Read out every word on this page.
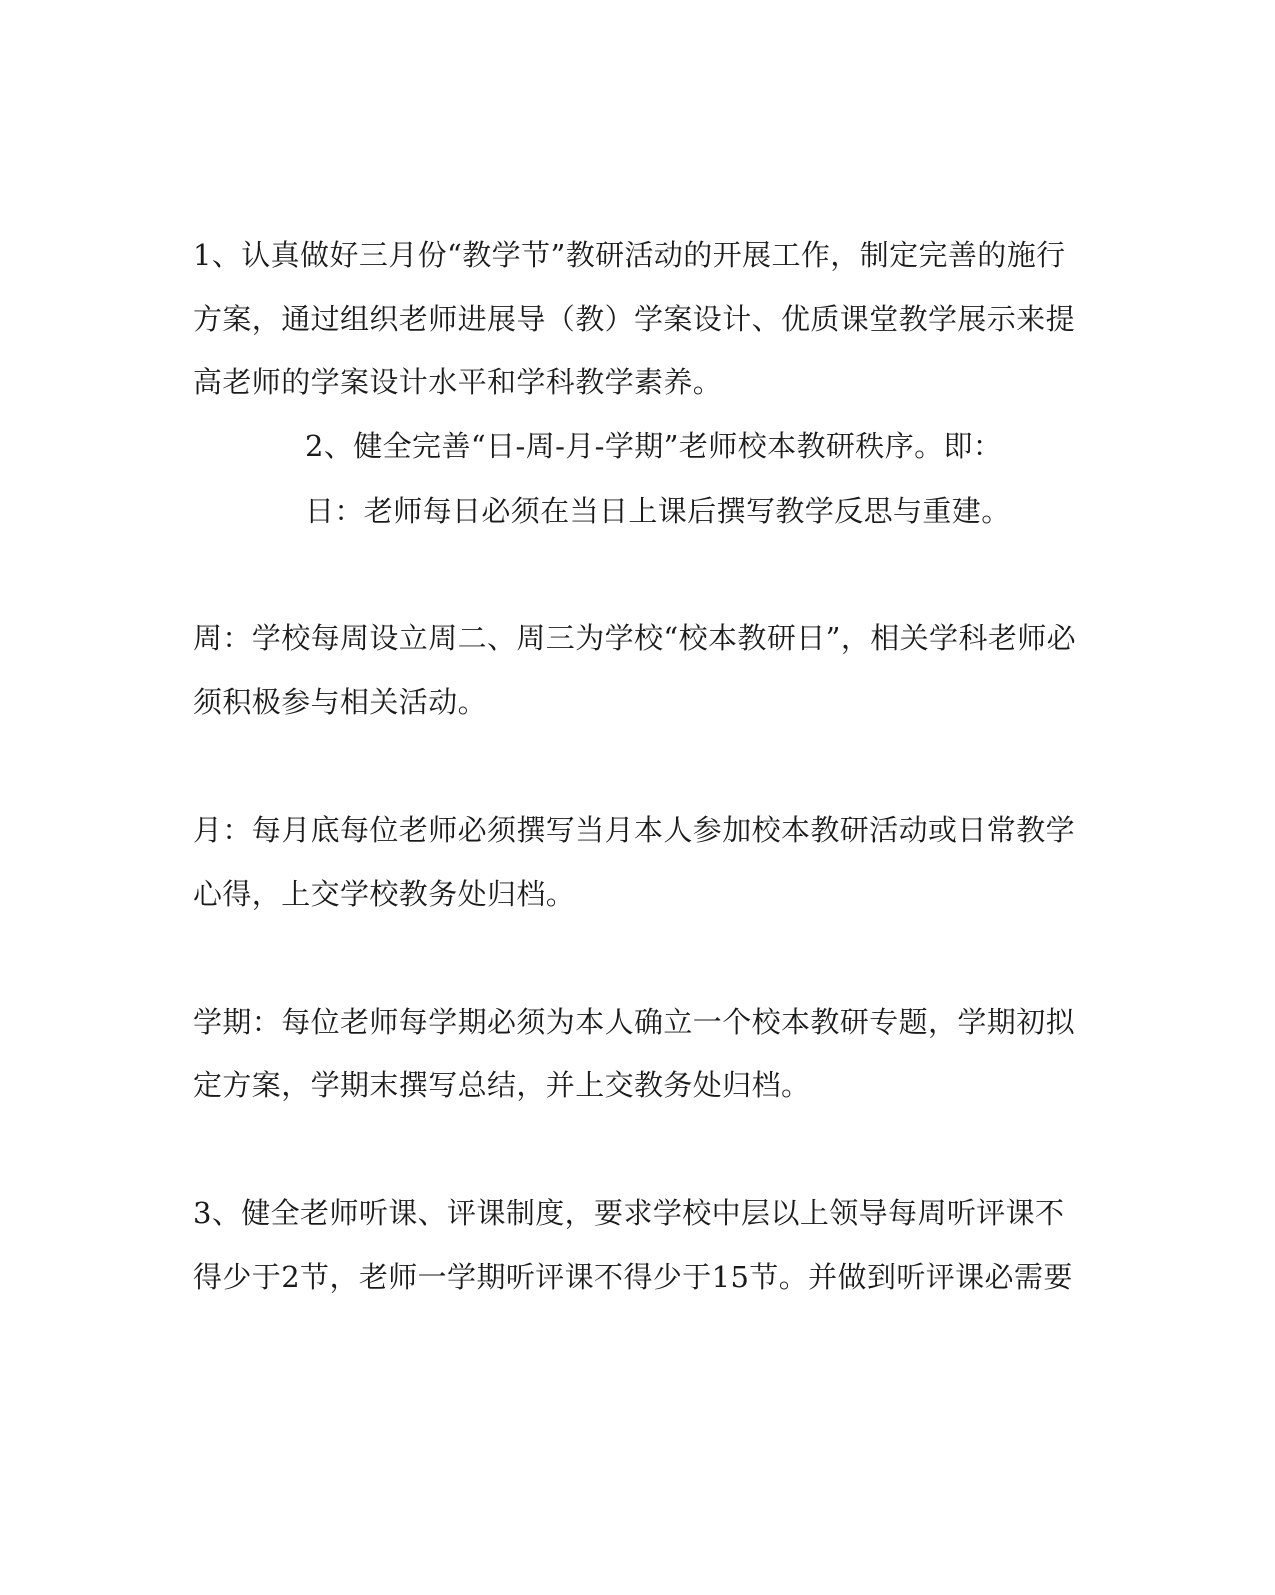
1、认真做好三月份“教学节”教研活动的开展工作，制定完善的施行
方案，通过组织老师进展导（教）学案设计、优质课堂教学展示来提
高老师的学案设计水平和学科教学素养。
2、健全完善“日-周-月-学期”老师校本教研秩序。即：
日：老师每日必须在当日上课后撰写教学反思与重建。
周：学校每周设立周二、周三为学校“校本教研日”，相关学科老师必
须积极参与相关活动。
月：每月底每位老师必须撰写当月本人参加校本教研活动或日常教学
心得，上交学校教务处归档。
学期：每位老师每学期必须为本人确立一个校本教研专题，学期初拟
定方案，学期末撰写总结，并上交教务处归档。
3、健全老师听课、评课制度，要求学校中层以上领导每周听评课不
得少于2节，老师一学期听评课不得少于15节。并做到听评课必需要
